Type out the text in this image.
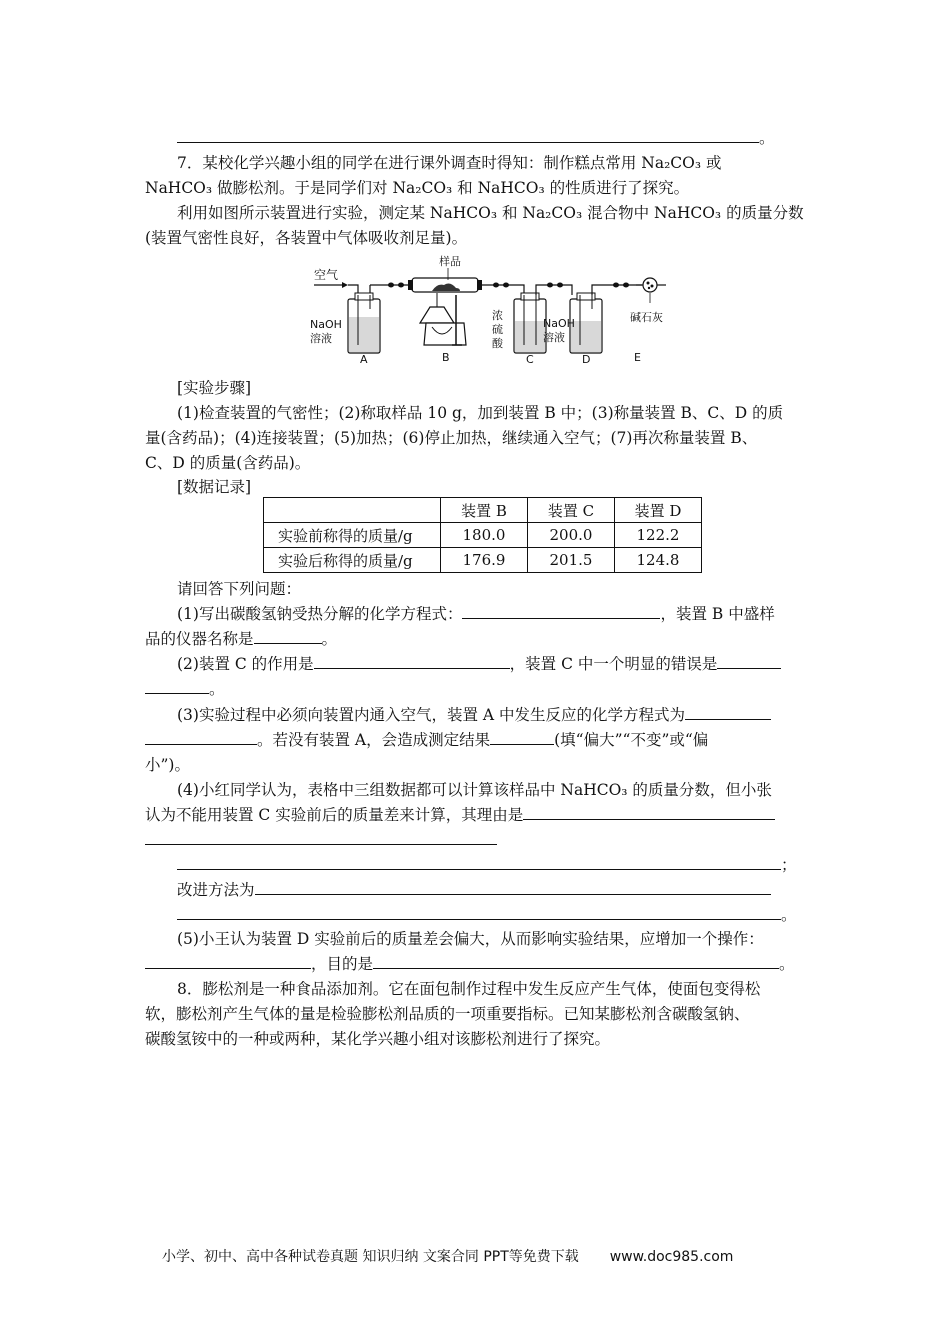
。
7．某校化学兴趣小组的同学在进行课外调查时得知：制作糕点常用 Na₂CO₃ 或
NaHCO₃ 做膨松剂。于是同学们对 Na₂CO₃ 和 NaHCO₃ 的性质进行了探究。
利用如图所示装置进行实验，测定某 NaHCO₃ 和 Na₂CO₃ 混合物中 NaHCO₃ 的质量分数
(装置气密性良好，各装置中气体吸收剂足量)。
空气
NaOH
溶液
A
样品
B
浓
硫
酸
C
NaOH
溶液
D
碱石灰
E
[实验步骤]
(1)检查装置的气密性；(2)称取样品 10 g，加到装置 B 中；(3)称量装置 B、C、D 的质
量(含药品)；(4)连接装置；(5)加热；(6)停止加热，继续通入空气；(7)再次称量装置 B、
C、D 的质量(含药品)。
[数据记录]
	装置 B	装置 C	装置 D
实验前称得的质量/g	180.0	200.0	122.2
实验后称得的质量/g	176.9	201.5	124.8
请回答下列问题：
(1)写出碳酸氢钠受热分解的化学方程式：	，装置 B 中盛样
品的仪器名称是	。
(2)装置 C 的作用是	，装置 C 中一个明显的错误是
。
(3)实验过程中必须向装置内通入空气，装置 A 中发生反应的化学方程式为
。若没有装置 A，会造成测定结果	(填“偏大”“不变”或“偏
小”)。
(4)小红同学认为，表格中三组数据都可以计算该样品中 NaHCO₃ 的质量分数，但小张
认为不能用装置 C 实验前后的质量差来计算，其理由是
；
改进方法为
。
(5)小王认为装置 D 实验前后的质量差会偏大，从而影响实验结果，应增加一个操作：
，目的是	。
8．膨松剂是一种食品添加剂。它在面包制作过程中发生反应产生气体，使面包变得松
软，膨松剂产生气体的量是检验膨松剂品质的一项重要指标。已知某膨松剂含碳酸氢钠、
碳酸氢铵中的一种或两种，某化学兴趣小组对该膨松剂进行了探究。
小学、初中、高中各种试卷真题 知识归纳 文案合同 PPT等免费下载 www.doc985.com
